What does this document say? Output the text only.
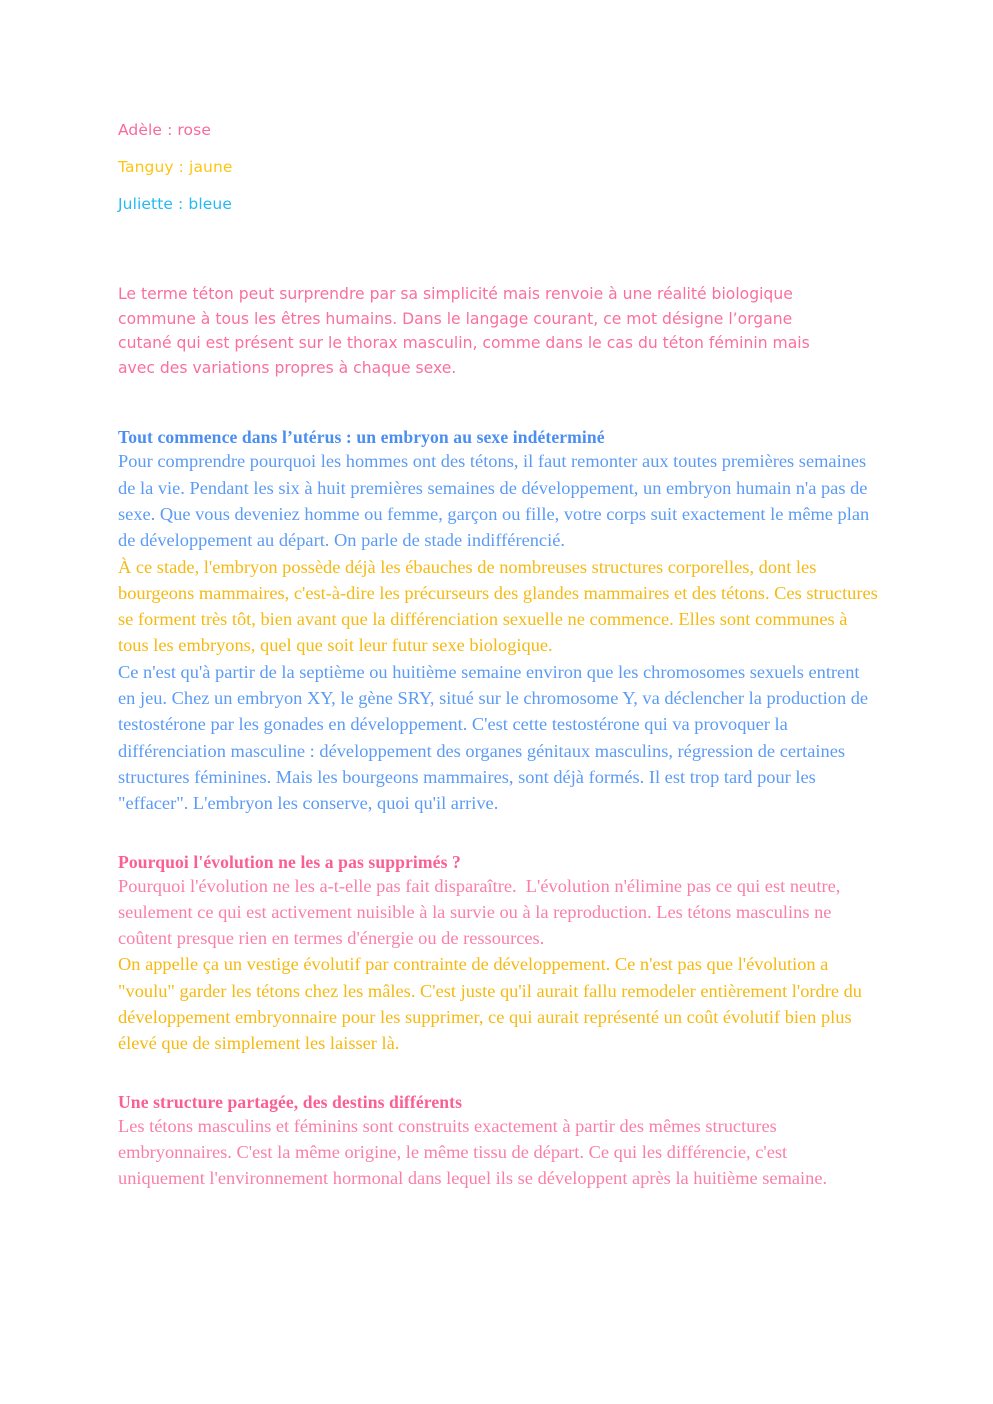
Adèle : rose
Tanguy : jaune
Juliette : bleue

Le terme téton peut surprendre par sa simplicité mais renvoie à une réalité biologique commune à tous les êtres humains. Dans le langage courant, ce mot désigne l’organe cutané qui est présent sur le thorax masculin, comme dans le cas du téton féminin mais avec des variations propres à chaque sexe.

Tout commence dans l’utérus : un embryon au sexe indéterminé

Pour comprendre pourquoi les hommes ont des tétons, il faut remonter aux toutes premières semaines de la vie. Pendant les six à huit premières semaines de développement, un embryon humain n'a pas de sexe. Que vous deveniez homme ou femme, garçon ou fille, votre corps suit exactement le même plan de développement au départ. On parle de stade indifférencié.

À ce stade, l'embryon possède déjà les ébauches de nombreuses structures corporelles, dont les bourgeons mammaires, c'est-à-dire les précurseurs des glandes mammaires et des tétons. Ces structures se forment très tôt, bien avant que la différenciation sexuelle ne commence. Elles sont communes à tous les embryons, quel que soit leur futur sexe biologique.

Ce n'est qu'à partir de la septième ou huitième semaine environ que les chromosomes sexuels entrent en jeu. Chez un embryon XY, le gène SRY, situé sur le chromosome Y, va déclencher la production de testostérone par les gonades en développement. C'est cette testostérone qui va provoquer la différenciation masculine : développement des organes génitaux masculins, régression de certaines structures féminines. Mais les bourgeons mammaires, sont déjà formés. Il est trop tard pour les "effacer". L'embryon les conserve, quoi qu'il arrive.

Pourquoi l'évolution ne les a pas supprimés ?

Pourquoi l'évolution ne les a-t-elle pas fait disparaître.  L'évolution n'élimine pas ce qui est neutre, seulement ce qui est activement nuisible à la survie ou à la reproduction. Les tétons masculins ne coûtent presque rien en termes d'énergie ou de ressources.

On appelle ça un vestige évolutif par contrainte de développement. Ce n'est pas que l'évolution a "voulu" garder les tétons chez les mâles. C'est juste qu'il aurait fallu remodeler entièrement l'ordre du développement embryonnaire pour les supprimer, ce qui aurait représenté un coût évolutif bien plus élevé que de simplement les laisser là.

Une structure partagée, des destins différents

Les tétons masculins et féminins sont construits exactement à partir des mêmes structures embryonnaires. C'est la même origine, le même tissu de départ. Ce qui les différencie, c'est uniquement l'environnement hormonal dans lequel ils se développent après la huitième semaine.
